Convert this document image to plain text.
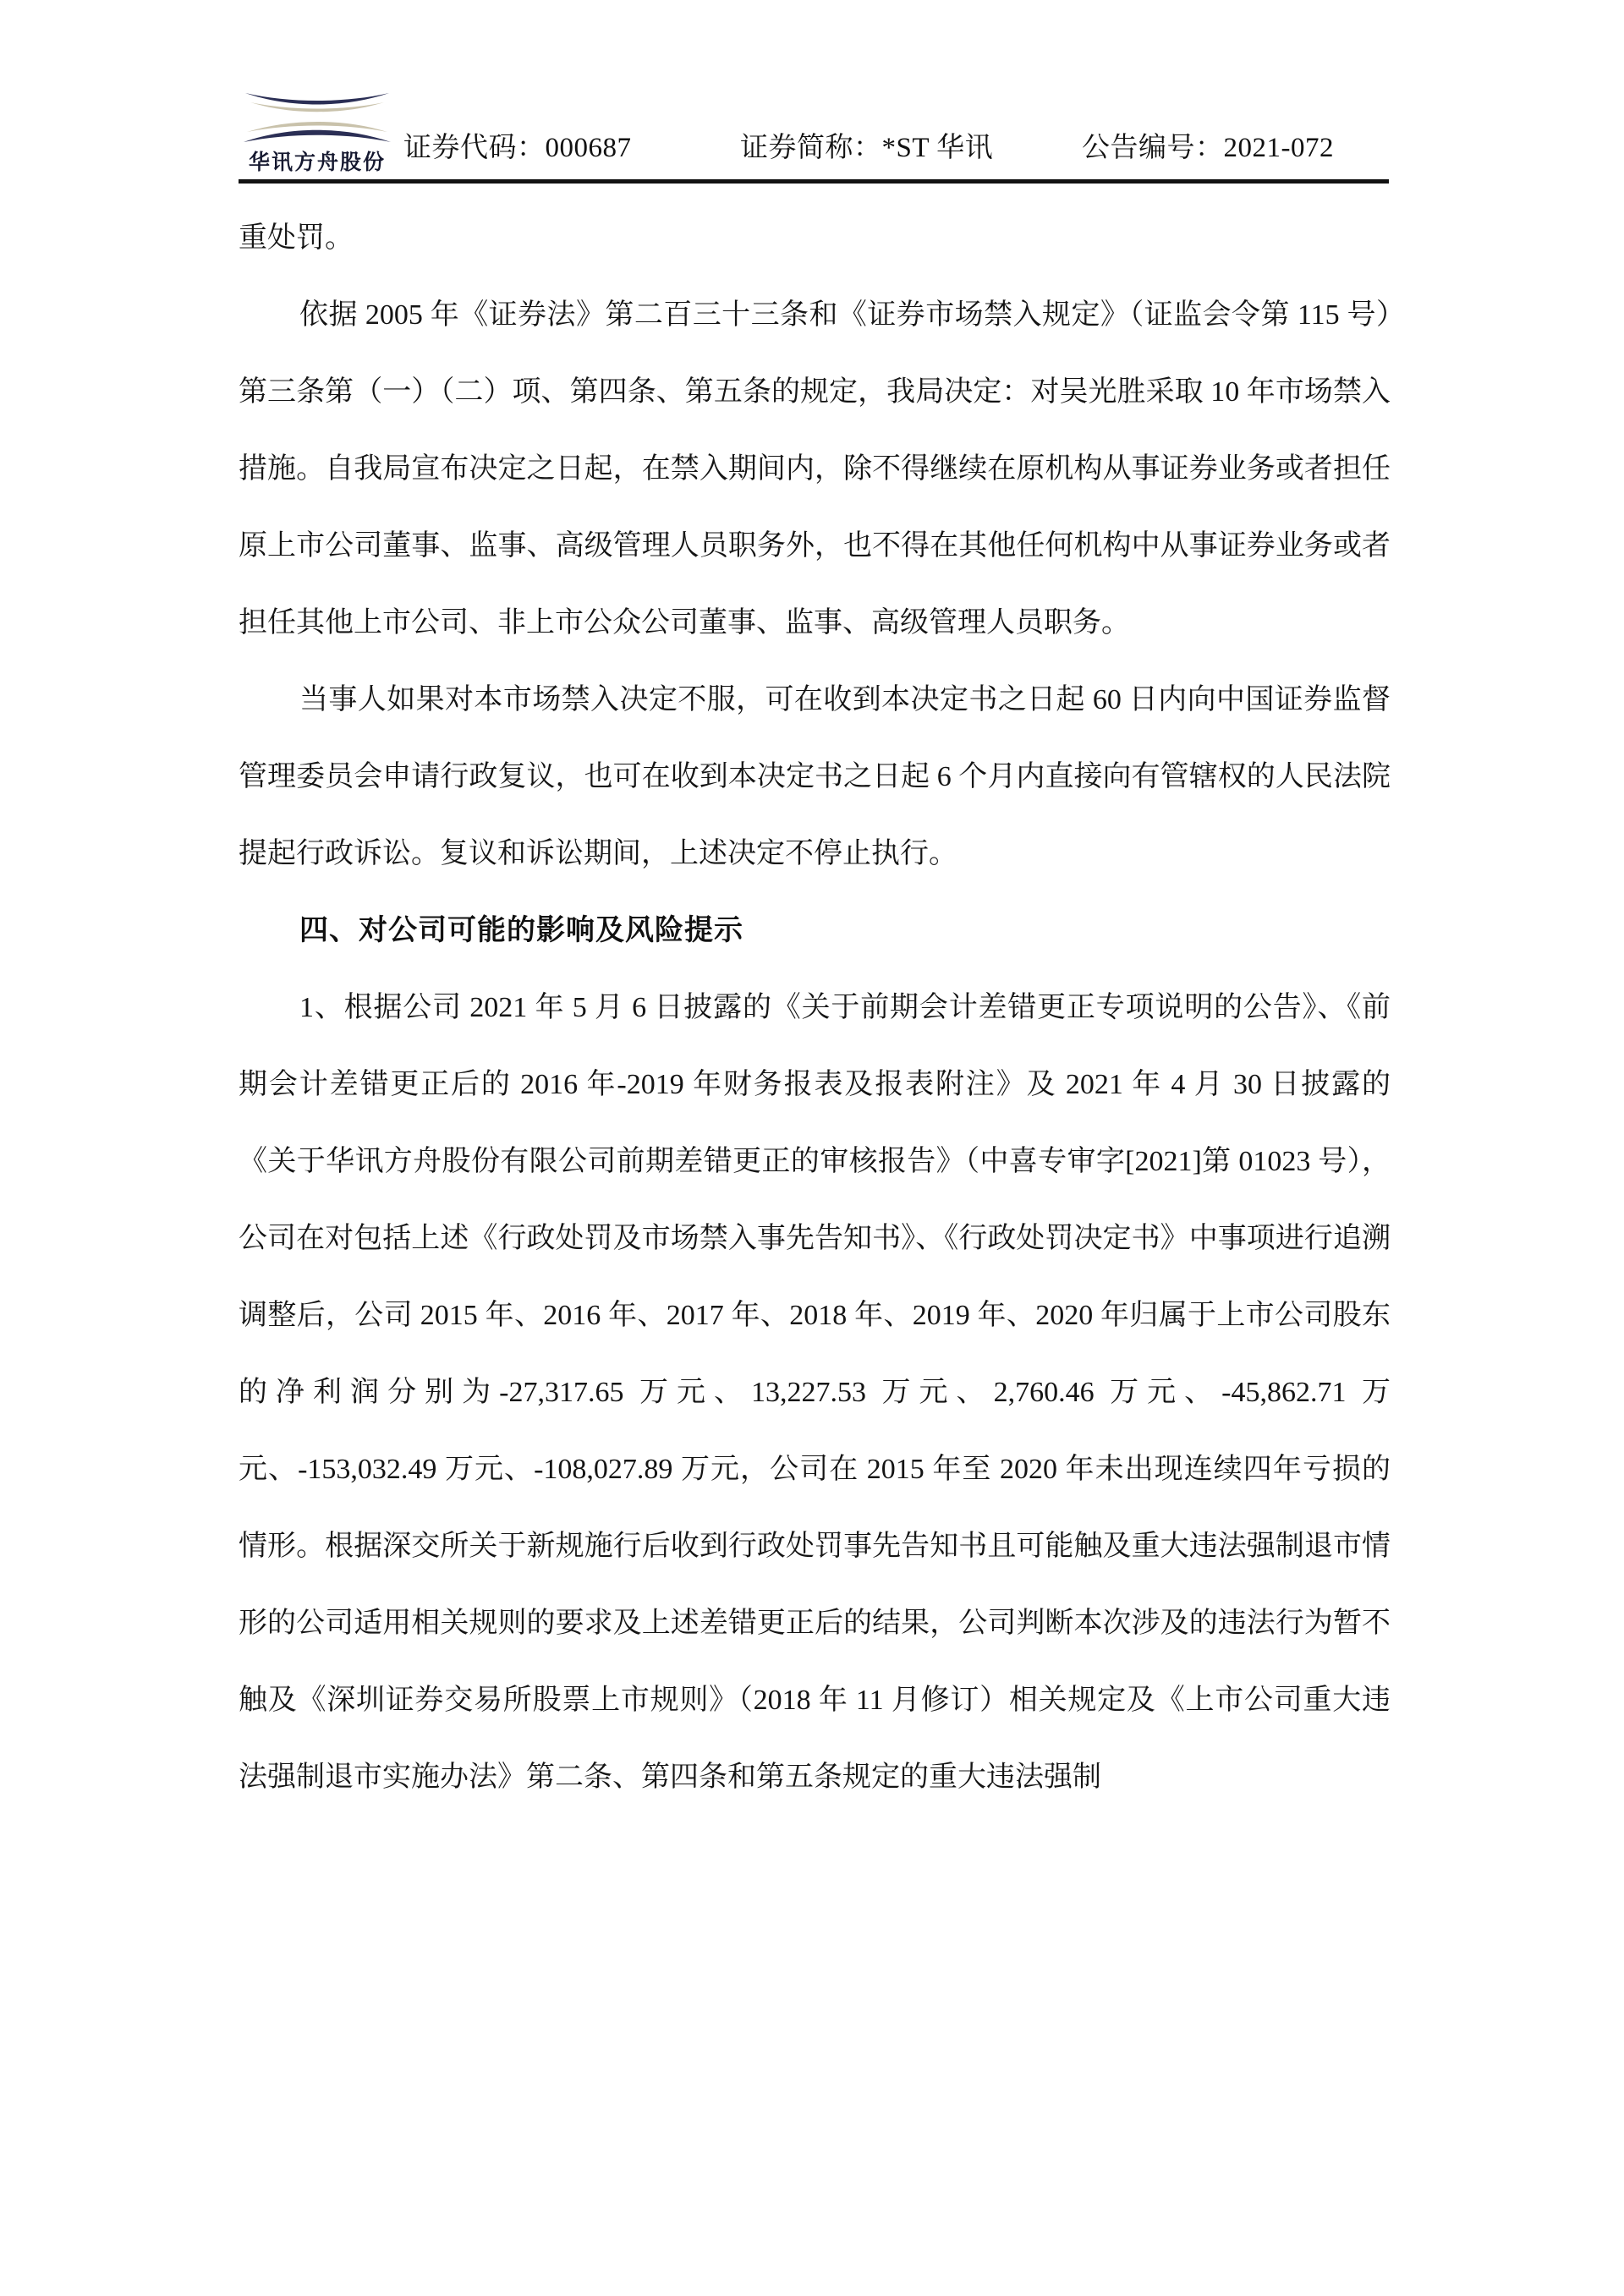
华讯方舟股份 证券代码：000687	证券简称：*ST 华讯	公告编号：2021-072

重处罚。

依据 2005 年《证券法》第二百三十三条和《证券市场禁入规定》（证监会令第 115 号）第三条第（一）（二）项、第四条、第五条的规定，我局决定：对吴光胜采取 10 年市场禁入措施。自我局宣布决定之日起，在禁入期间内，除不得继续在原机构从事证券业务或者担任原上市公司董事、监事、高级管理人员职务外，也不得在其他任何机构中从事证券业务或者担任其他上市公司、非上市公众公司董事、监事、高级管理人员职务。

当事人如果对本市场禁入决定不服，可在收到本决定书之日起 60 日内向中国证券监督管理委员会申请行政复议，也可在收到本决定书之日起 6 个月内直接向有管辖权的人民法院提起行政诉讼。复议和诉讼期间，上述决定不停止执行。

四、对公司可能的影响及风险提示

1、根据公司 2021 年 5 月 6 日披露的《关于前期会计差错更正专项说明的公告》、《前期会计差错更正后的 2016 年-2019 年财务报表及报表附注》及 2021 年 4 月 30 日披露的《关于华讯方舟股份有限公司前期差错更正的审核报告》（中喜专审字[2021]第 01023 号），公司在对包括上述《行政处罚及市场禁入事先告知书》、《行政处罚决定书》中事项进行追溯调整后，公司 2015 年、2016 年、2017 年、2018 年、2019 年、2020 年归属于上市公司股东的净利润分别为-27,317.65 万元、13,227.53 万元、2,760.46 万元、-45,862.71 万元、-153,032.49 万元、-108,027.89 万元，公司在 2015 年至 2020 年未出现连续四年亏损的情形。根据深交所关于新规施行后收到行政处罚事先告知书且可能触及重大违法强制退市情形的公司适用相关规则的要求及上述差错更正后的结果，公司判断本次涉及的违法行为暂不触及《深圳证券交易所股票上市规则》（2018 年 11 月修订）相关规定及《上市公司重大违法强制退市实施办法》第二条、第四条和第五条规定的重大违法强制
